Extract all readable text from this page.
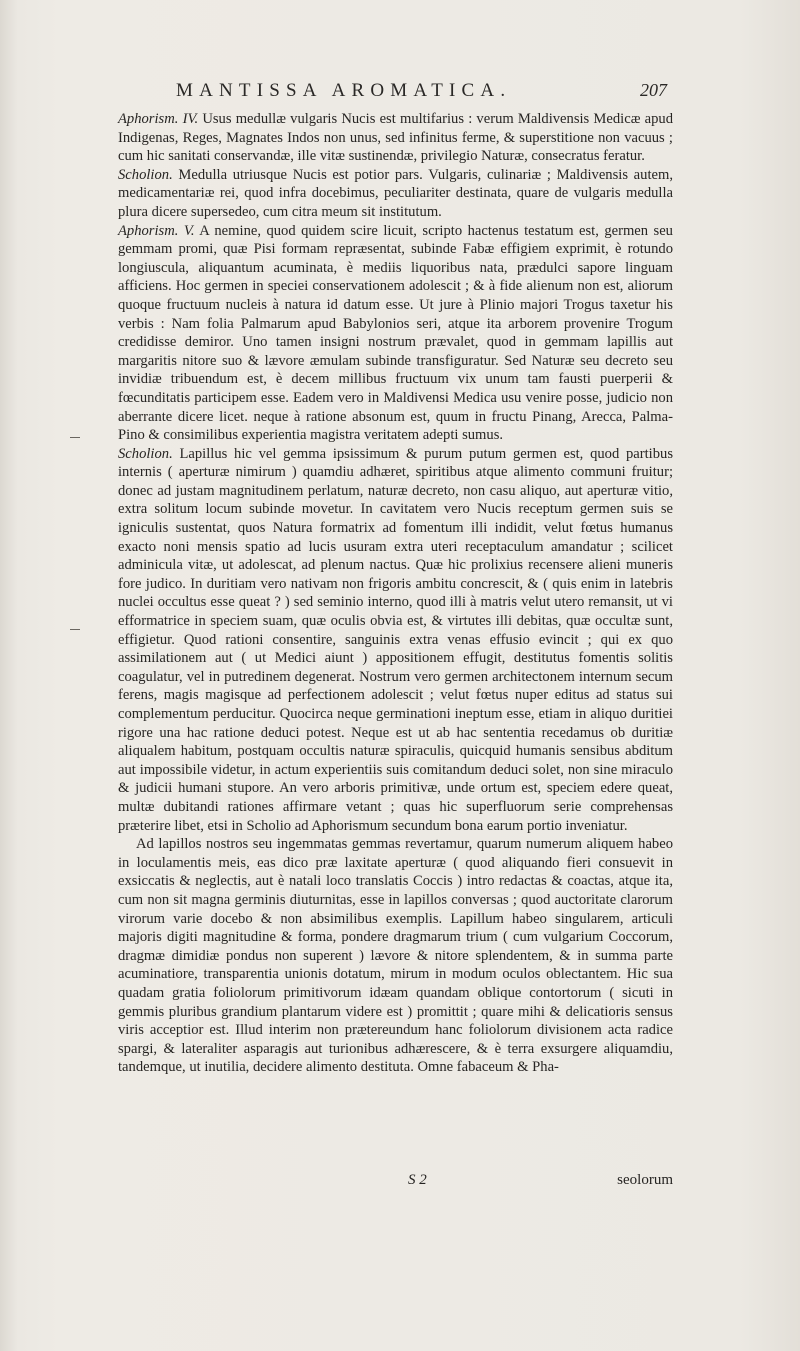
MANTISSA AROMATICA.	207

Aphorism. IV. Usus medullæ vulgaris Nucis est multifarius : verum Maldivensis Medicæ apud Indigenas, Reges, Magnates Indos non unus, sed infinitus ferme, & superstitione non vacuus ; cum hic sanitati conservandæ, ille vitæ sustinendæ, privilegio Naturæ, consecratus feratur.

Scholion. Medulla utriusque Nucis est potior pars. Vulgaris, culinariæ ; Maldivensis autem, medicamentariæ rei, quod infra docebimus, peculiariter destinata, quare de vulgaris medulla plura dicere supersedeo, cum citra meum sit institutum.

Aphorism. V. A nemine, quod quidem scire licuit, scripto hactenus testatum est, germen seu gemmam promi, quæ Pisi formam repræsentat, subinde Fabæ effigiem exprimit, è rotundo longiuscula, aliquantum acuminata, è mediis liquoribus nata, prædulci sapore linguam afficiens. Hoc germen in speciei conservationem adolescit ; & à fide alienum non est, aliorum quoque fructuum nucleis à natura id datum esse. Ut jure à Plinio majori Trogus taxetur his verbis : Nam folia Palmarum apud Babylonios seri, atque ita arborem provenire Trogum credidisse demiror. Uno tamen insigni nostrum prævalet, quod in gemmam lapillis aut margaritis nitore suo & lævore æmulam subinde transfiguratur. Sed Naturæ seu decreto seu invidiæ tribuendum est, è decem millibus fructuum vix unum tam fausti puerperii & fœcunditatis participem esse. Eadem vero in Maldivensi Medica usu venire posse, judicio non aberrante dicere licet. neque à ratione absonum est, quum in fructu Pinang, Arecca, Palma-Pino & consimilibus experientia magistra veritatem adepti sumus.

Scholion. Lapillus hic vel gemma ipsissimum & purum putum germen est, quod partibus internis ( aperturæ nimirum ) quamdiu adhæret, spiritibus atque alimento communi fruitur; donec ad justam magnitudinem perlatum, naturæ decreto, non casu aliquo, aut aperturæ vitio, extra solitum locum subinde movetur. In cavitatem vero Nucis receptum germen suis se igniculis sustentat, quos Natura formatrix ad fomentum illi indidit, velut fœtus humanus exacto noni mensis spatio ad lucis usuram extra uteri receptaculum amandatur ; scilicet adminicula vitæ, ut adolescat, ad plenum nactus. Quæ hic prolixius recensere alieni muneris fore judico. In duritiam vero nativam non frigoris ambitu concrescit, & ( quis enim in latebris nuclei occultus esse queat ? ) sed seminio interno, quod illi à matris velut utero remansit, ut vi efformatrice in speciem suam, quæ oculis obvia est, & virtutes illi debitas, quæ occultæ sunt, effigietur. Quod rationi consentire, sanguinis extra venas effusio evincit ; qui ex quo assimilationem aut ( ut Medici aiunt ) appositionem effugit, destitutus fomentis solitis coagulatur, vel in putredinem degenerat. Nostrum vero germen architectonem internum secum ferens, magis magisque ad perfectionem adolescit ; velut fœtus nuper editus ad status sui complementum perducitur. Quocirca neque germinationi ineptum esse, etiam in aliquo duritiei rigore una hac ratione deduci potest. Neque est ut ab hac sententia recedamus ob duritiæ aliqualem habitum, postquam occultis naturæ spiraculis, quicquid humanis sensibus abditum aut impossibile videtur, in actum experientiis suis comitandum deduci solet, non sine miraculo & judicii humani stupore. An vero arboris primitivæ, unde ortum est, speciem edere queat, multæ dubitandi rationes affirmare vetant ; quas hic superfluorum serie comprehensas præterire libet, etsi in Scholio ad Aphorismum secundum bona earum portio inveniatur.

Ad lapillos nostros seu ingemmatas gemmas revertamur, quarum numerum aliquem habeo in loculamentis meis, eas dico præ laxitate aperturæ ( quod aliquando fieri consuevit in exsiccatis & neglectis, aut è natali loco translatis Coccis ) intro redactas & coactas, atque ita, cum non sit magna germinis diuturnitas, esse in lapillos conversas ; quod auctoritate clarorum virorum varie docebo & non absimilibus exemplis. Lapillum habeo singularem, articuli majoris digiti magnitudine & forma, pondere dragmarum trium ( cum vulgarium Coccorum, dragmæ dimidiæ pondus non superent ) lævore & nitore splendentem, & in summa parte acuminatiore, transparentia unionis dotatum, mirum in modum oculos oblectantem. Hic sua quadam gratia foliolorum primitivorum idæam quandam oblique contortorum ( sicuti in gemmis pluribus grandium plantarum videre est ) promittit ; quare mihi & delicatioris sensus viris acceptior est. Illud interim non prætereundum hanc foliolorum divisionem acta radice spargi, & lateraliter asparagis aut turionibus adhærescere, & è terra exsurgere aliquamdiu, tandemque, ut inutilia, decidere alimento destituta. Omne fabaceum & Pha-

S 2	seolorum
